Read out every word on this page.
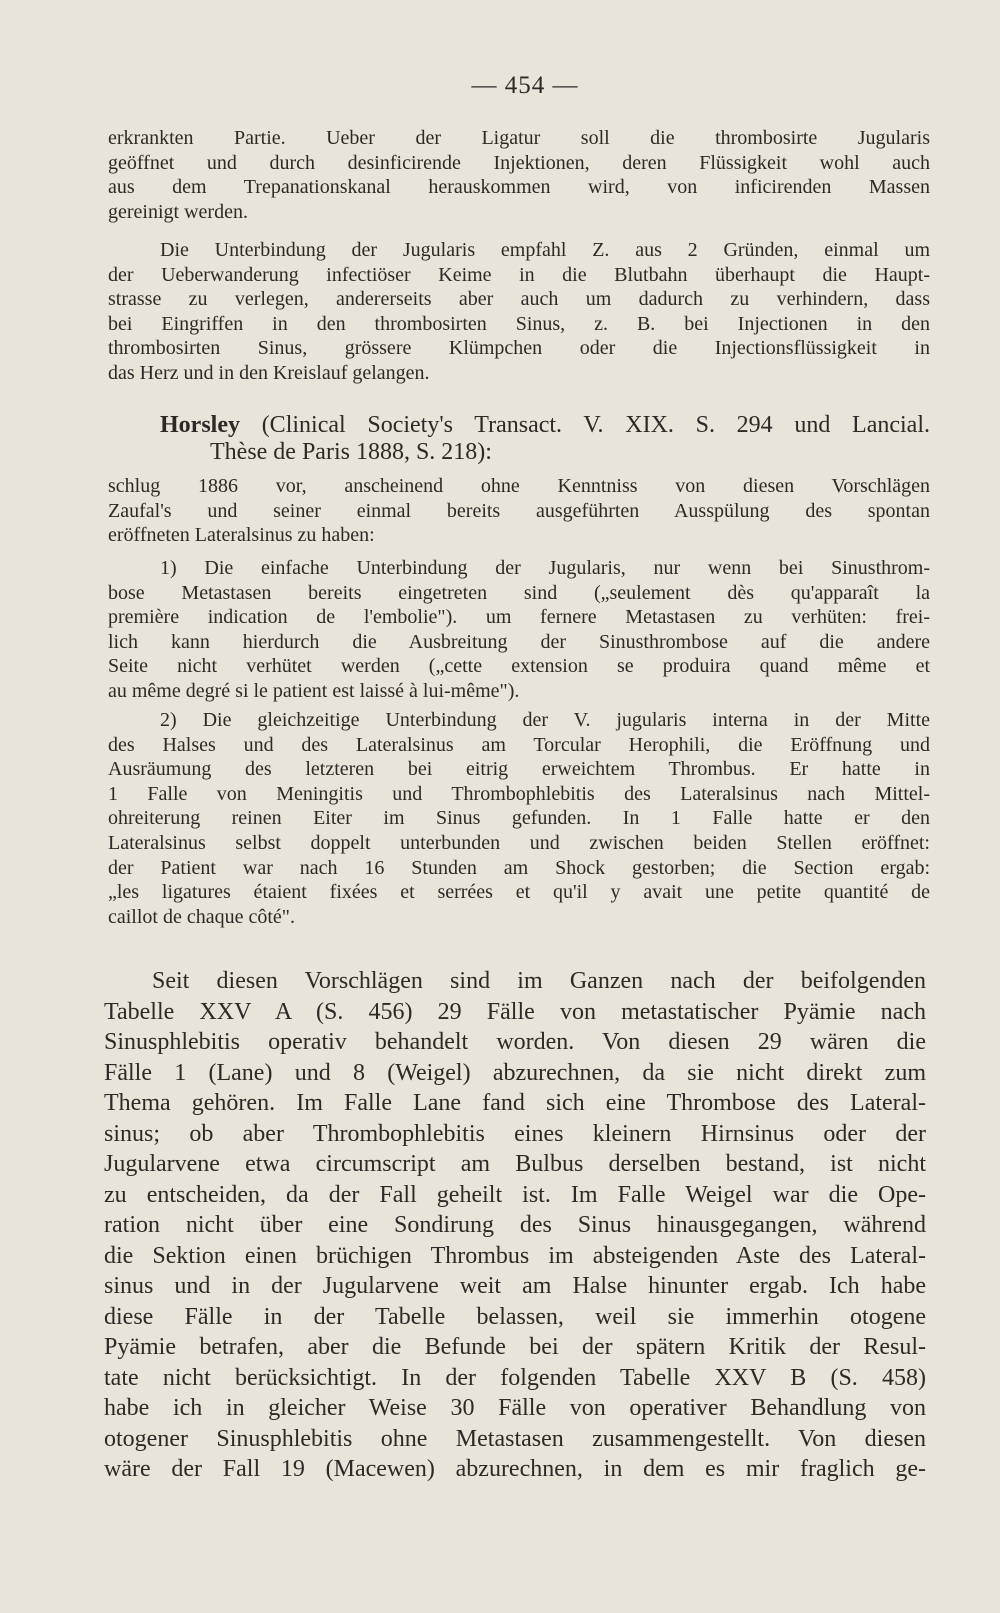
— 454 —

erkrankten Partie. Ueber der Ligatur soll die thrombosirte Jugularis

geöffnet und durch desinficirende Injektionen, deren Flüssigkeit wohl auch

aus dem Trepanationskanal herauskommen wird, von inficirenden Massen

gereinigt werden.

Die Unterbindung der Jugularis empfahl Z. aus 2 Gründen, einmal um

der Ueberwanderung infectiöser Keime in die Blutbahn überhaupt die Haupt-

strasse zu verlegen, andererseits aber auch um dadurch zu verhindern, dass

bei Eingriffen in den thrombosirten Sinus, z. B. bei Injectionen in den

thrombosirten Sinus, grössere Klümpchen oder die Injectionsflüssigkeit in

das Herz und in den Kreislauf gelangen.

Horsley (Clinical Society's Transact. V. XIX. S. 294 und Lancial.
Thèse de Paris 1888, S. 218):

schlug 1886 vor, anscheinend ohne Kenntniss von diesen Vorschlägen

Zaufal's und seiner einmal bereits ausgeführten Ausspülung des spontan

eröffneten Lateralsinus zu haben:

1) Die einfache Unterbindung der Jugularis, nur wenn bei Sinusthrom-

bose Metastasen bereits eingetreten sind („seulement dès qu'apparaît la

première indication de l'embolie"). um fernere Metastasen zu verhüten: frei-

lich kann hierdurch die Ausbreitung der Sinusthrombose auf die andere

Seite nicht verhütet werden („cette extension se produira quand même et

au même degré si le patient est laissé à lui-même").

2) Die gleichzeitige Unterbindung der V. jugularis interna in der Mitte

des Halses und des Lateralsinus am Torcular Herophili, die Eröffnung und

Ausräumung des letzteren bei eitrig erweichtem Thrombus. Er hatte in

1 Falle von Meningitis und Thrombophlebitis des Lateralsinus nach Mittel-

ohreiterung reinen Eiter im Sinus gefunden. In 1 Falle hatte er den

Lateralsinus selbst doppelt unterbunden und zwischen beiden Stellen eröffnet:

der Patient war nach 16 Stunden am Shock gestorben; die Section ergab:

„les ligatures étaient fixées et serrées et qu'il y avait une petite quantité de

caillot de chaque côté".

Seit diesen Vorschlägen sind im Ganzen nach der beifolgenden

Tabelle XXV A (S. 456) 29 Fälle von metastatischer Pyämie nach

Sinusphlebitis operativ behandelt worden. Von diesen 29 wären die

Fälle 1 (Lane) und 8 (Weigel) abzurechnen, da sie nicht direkt zum

Thema gehören. Im Falle Lane fand sich eine Thrombose des Lateral-

sinus; ob aber Thrombophlebitis eines kleinern Hirnsinus oder der

Jugularvene etwa circumscript am Bulbus derselben bestand, ist nicht

zu entscheiden, da der Fall geheilt ist. Im Falle Weigel war die Ope-

ration nicht über eine Sondirung des Sinus hinausgegangen, während

die Sektion einen brüchigen Thrombus im absteigenden Aste des Lateral-

sinus und in der Jugularvene weit am Halse hinunter ergab. Ich habe

diese Fälle in der Tabelle belassen, weil sie immerhin otogene

Pyämie betrafen, aber die Befunde bei der spätern Kritik der Resul-

tate nicht berücksichtigt. In der folgenden Tabelle XXV B (S. 458)

habe ich in gleicher Weise 30 Fälle von operativer Behandlung von

otogener Sinusphlebitis ohne Metastasen zusammengestellt. Von diesen

wäre der Fall 19 (Macewen) abzurechnen, in dem es mir fraglich ge-
